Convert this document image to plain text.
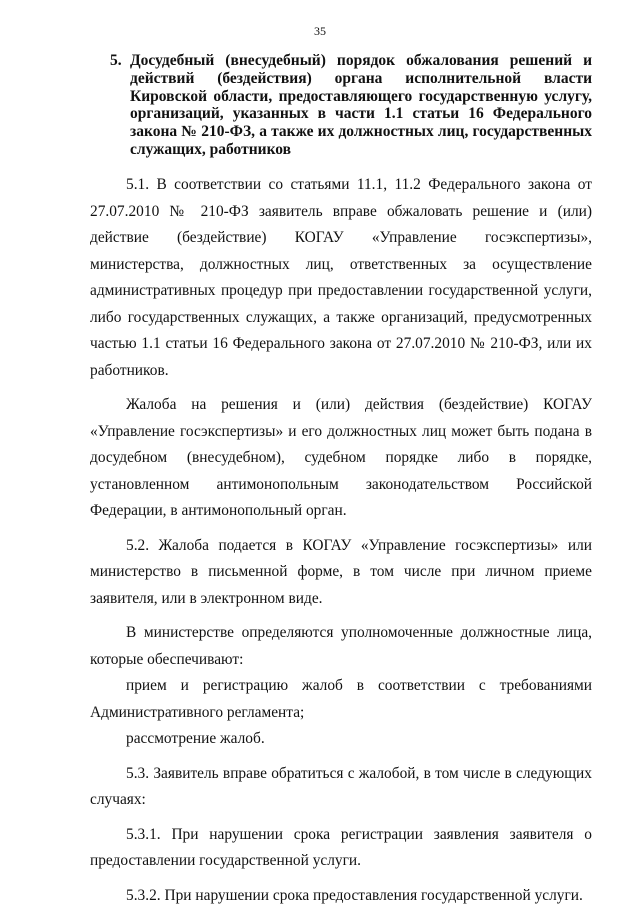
35
5. Досудебный (внесудебный) порядок обжалования решений и действий (бездействия) органа исполнительной власти Кировской области, предоставляющего государственную услугу, организаций, указанных в части 1.1 статьи 16 Федерального закона № 210-ФЗ, а также их должностных лиц, государственных служащих, работников

5.1. В соответствии со статьями 11.1, 11.2 Федерального закона от 27.07.2010 № 210-ФЗ заявитель вправе обжаловать решение и (или) действие (бездействие) КОГАУ «Управление госэкспертизы», министерства, должностных лиц, ответственных за осуществление административных процедур при предоставлении государственной услуги, либо государственных служащих, а также организаций, предусмотренных частью 1.1 статьи 16 Федерального закона от 27.07.2010 № 210-ФЗ, или их работников.

Жалоба на решения и (или) действия (бездействие) КОГАУ «Управление госэкспертизы» и его должностных лиц может быть подана в досудебном (внесудебном), судебном порядке либо в порядке, установленном антимонопольным законодательством Российской Федерации, в антимонопольный орган.

5.2. Жалоба подается в КОГАУ «Управление госэкспертизы» или министерство в письменной форме, в том числе при личном приеме заявителя, или в электронном виде.

В министерстве определяются уполномоченные должностные лица, которые обеспечивают:

прием и регистрацию жалоб в соответствии с требованиями Административного регламента;

рассмотрение жалоб.

5.3. Заявитель вправе обратиться с жалобой, в том числе в следующих случаях:

5.3.1. При нарушении срока регистрации заявления заявителя о предоставлении государственной услуги.

5.3.2. При нарушении срока предоставления государственной услуги.
